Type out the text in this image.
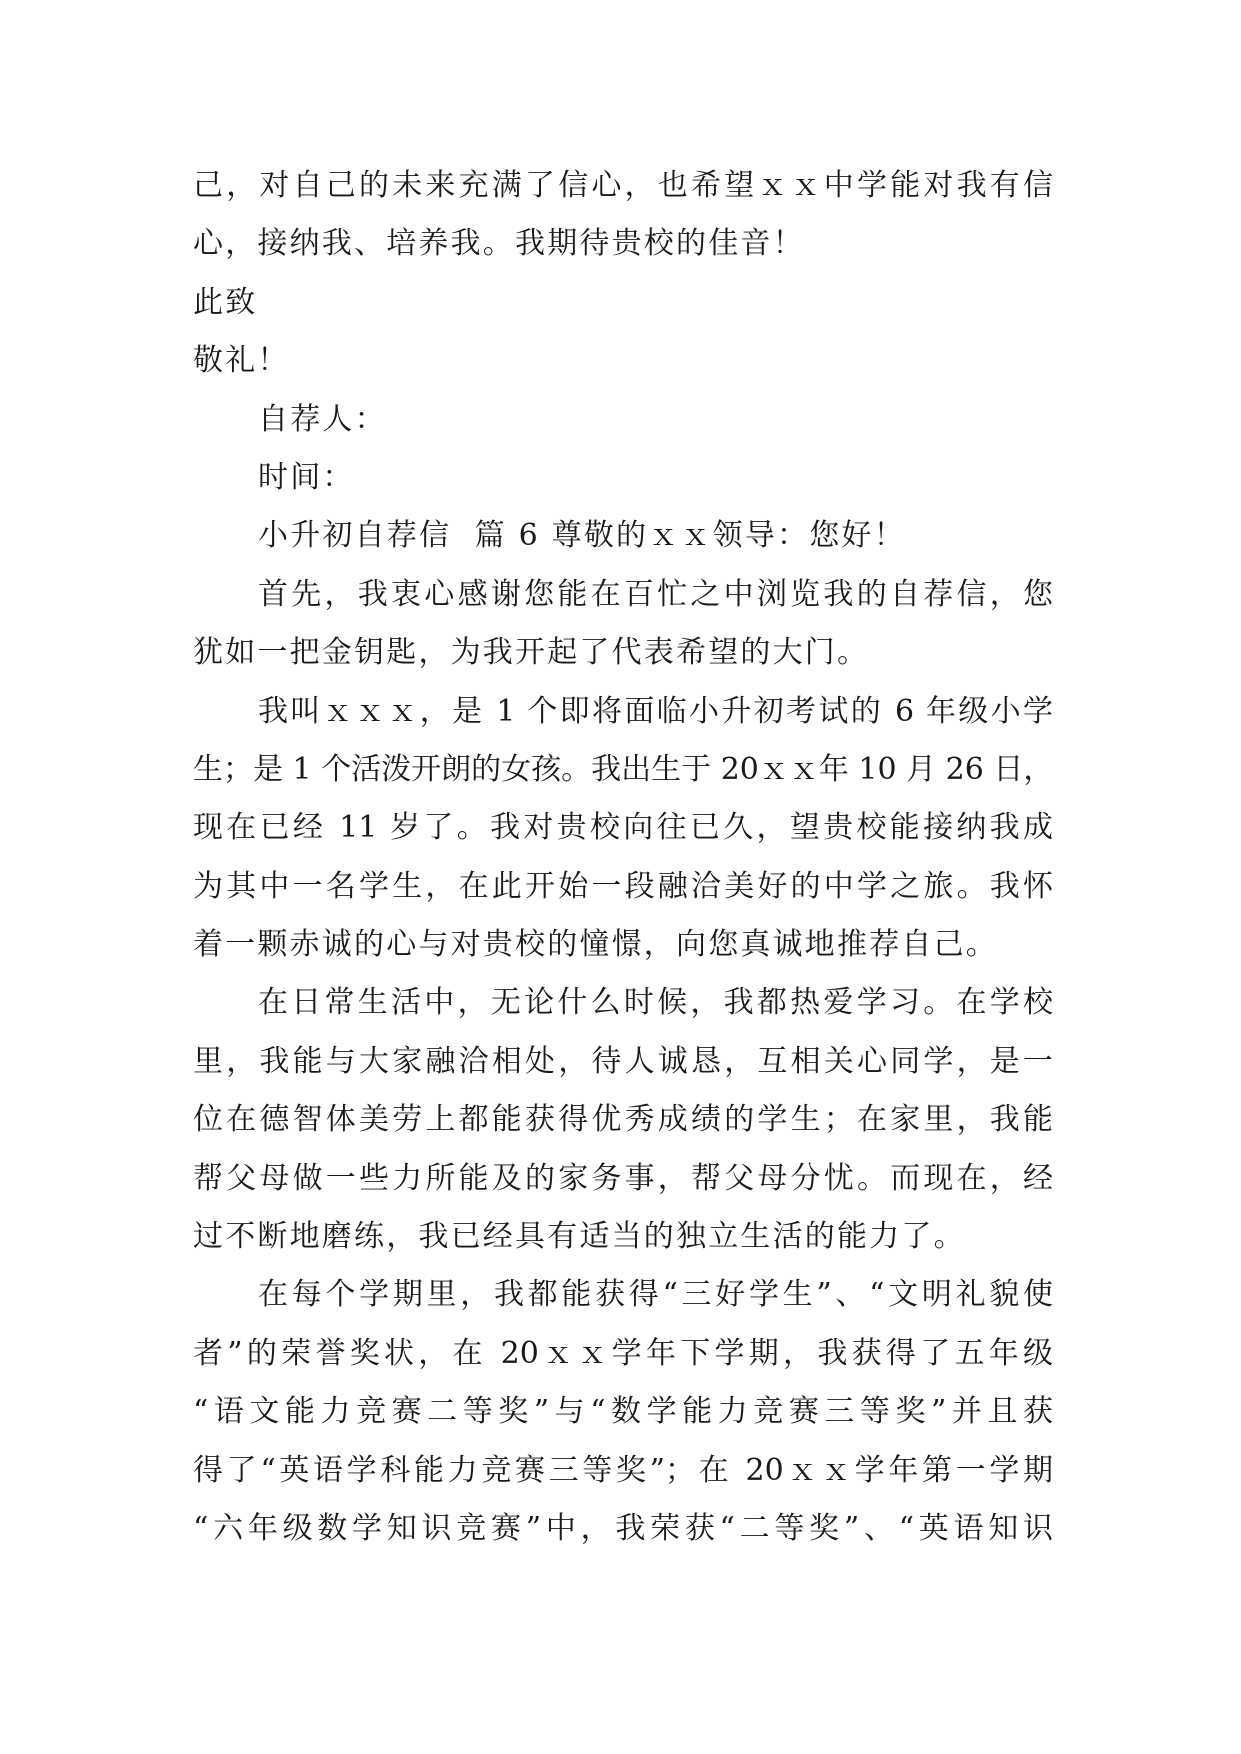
己，对自己的未来充满了信心，也希望ｘｘ中学能对我有信
心，接纳我、培养我。我期待贵校的佳音！
此致
敬礼！
自荐人：
时间：
小升初自荐信  篇 6 尊敬的ｘｘ领导：您好！
首先，我衷心感谢您能在百忙之中浏览我的自荐信，您
犹如一把金钥匙，为我开起了代表希望的大门。
我叫ｘｘｘ，是 1 个即将面临小升初考试的 6 年级小学
生；是 1 个活泼开朗的女孩。我出生于 20ｘｘ年 10 月 26 日，
现在已经 11 岁了。我对贵校向往已久，望贵校能接纳我成
为其中一名学生，在此开始一段融洽美好的中学之旅。我怀
着一颗赤诚的心与对贵校的憧憬，向您真诚地推荐自己。
在日常生活中，无论什么时候，我都热爱学习。在学校
里，我能与大家融洽相处，待人诚恳，互相关心同学，是一
位在德智体美劳上都能获得优秀成绩的学生；在家里，我能
帮父母做一些力所能及的家务事，帮父母分忧。而现在，经
过不断地磨练，我已经具有适当的独立生活的能力了。
在每个学期里，我都能获得“三好学生”、“文明礼貌使
者”的荣誉奖状，在 20ｘｘ学年下学期，我获得了五年级
“语文能力竞赛二等奖”与“数学能力竞赛三等奖”并且获
得了“英语学科能力竞赛三等奖”；在 20ｘｘ学年第一学期
“六年级数学知识竞赛”中，我荣获“二等奖”、“英语知识
